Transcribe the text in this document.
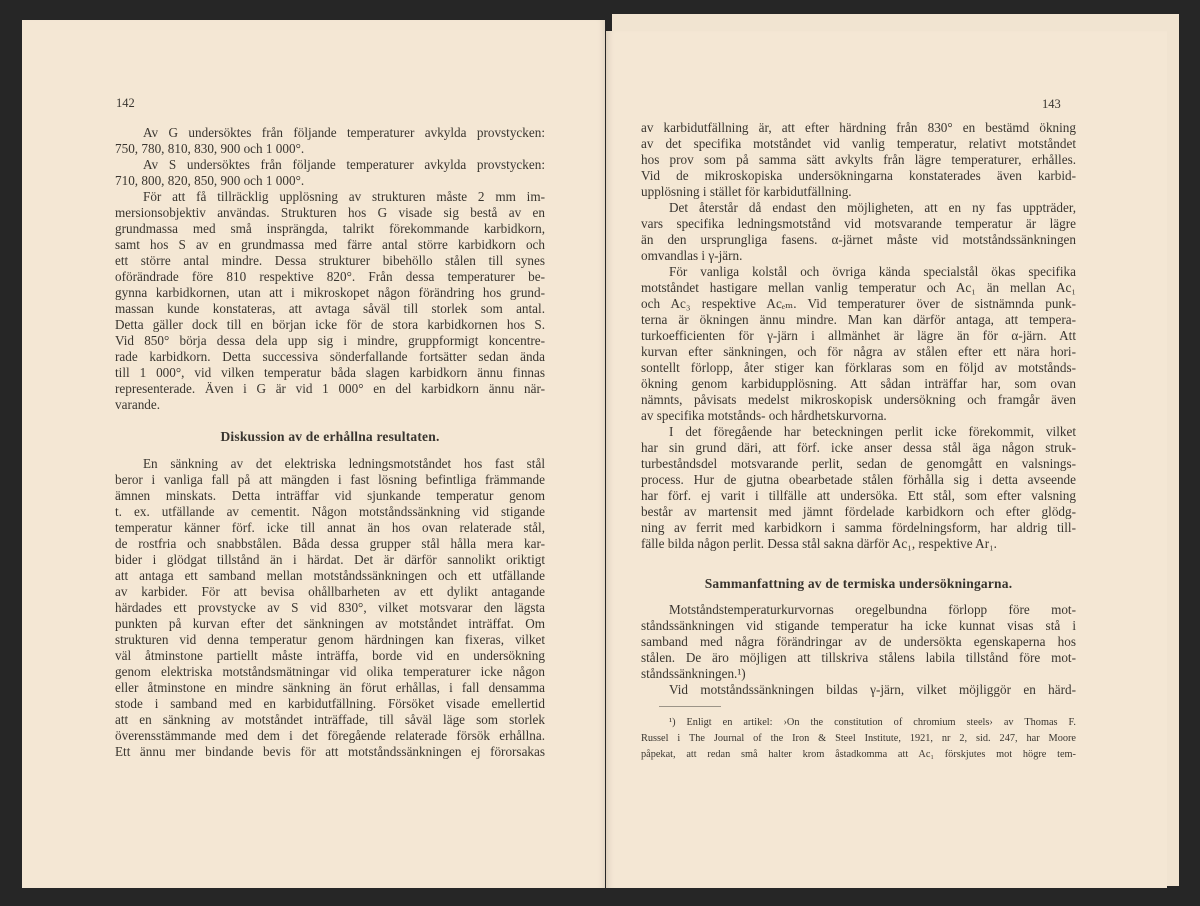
142
Av G undersöktes från följande temperaturer avkylda provstycken:
750, 780, 810, 830, 900 och 1 000°.
Av S undersöktes från följande temperaturer avkylda provstycken:
710, 800, 820, 850, 900 och 1 000°.
För att få tillräcklig upplösning av strukturen måste 2 mm im-
mersionsobjektiv användas. Strukturen hos G visade sig bestå av en
grundmassa med små insprängda, talrikt förekommande karbidkorn,
samt hos S av en grundmassa med färre antal större karbidkorn och
ett större antal mindre. Dessa strukturer bibehöllo stålen till synes
oförändrade före 810 respektive 820°. Från dessa temperaturer be-
gynna karbidkornen, utan att i mikroskopet någon förändring hos grund-
massan kunde konstateras, att avtaga såväl till storlek som antal.
Detta gäller dock till en början icke för de stora karbidkornen hos S.
Vid 850° börja dessa dela upp sig i mindre, gruppformigt koncentre-
rade karbidkorn. Detta successiva sönderfallande fortsätter sedan ända
till 1 000°, vid vilken temperatur båda slagen karbidkorn ännu finnas
representerade. Även i G är vid 1 000° en del karbidkorn ännu när-
varande.
Diskussion av de erhållna resultaten.
En sänkning av det elektriska ledningsmotståndet hos fast stål
beror i vanliga fall på att mängden i fast lösning befintliga främmande
ämnen minskats. Detta inträffar vid sjunkande temperatur genom
t. ex. utfällande av cementit. Någon motståndssänkning vid stigande
temperatur känner förf. icke till annat än hos ovan relaterade stål,
de rostfria och snabbstålen. Båda dessa grupper stål hålla mera kar-
bider i glödgat tillstånd än i härdat. Det är därför sannolikt oriktigt
att antaga ett samband mellan motståndssänkningen och ett utfällande
av karbider. För att bevisa ohållbarheten av ett dylikt antagande
härdades ett provstycke av S vid 830°, vilket motsvarar den lägsta
punkten på kurvan efter det sänkningen av motståndet inträffat. Om
strukturen vid denna temperatur genom härdningen kan fixeras, vilket
väl åtminstone partiellt måste inträffa, borde vid en undersökning
genom elektriska motståndsmätningar vid olika temperaturer icke någon
eller åtminstone en mindre sänkning än förut erhållas, i fall densamma
stode i samband med en karbidutfällning. Försöket visade emellertid
att en sänkning av motståndet inträffade, till såväl läge som storlek
överensstämmande med dem i det föregående relaterade försök erhållna.
Ett ännu mer bindande bevis för att motståndssänkningen ej förorsakas
143
av karbidutfällning är, att efter härdning från 830° en bestämd ökning
av det specifika motståndet vid vanlig temperatur, relativt motståndet
hos prov som på samma sätt avkylts från lägre temperaturer, erhålles.
Vid de mikroskopiska undersökningarna konstaterades även karbid-
upplösning i stället för karbidutfällning.
Det återstår då endast den möjligheten, att en ny fas uppträder,
vars specifika ledningsmotstånd vid motsvarande temperatur är lägre
än den ursprungliga fasens. α-järnet måste vid motståndssänkningen
omvandlas i γ-järn.
För vanliga kolstål och övriga kända specialstål ökas specifika
motståndet hastigare mellan vanlig temperatur och Ac₁ än mellan Ac₁
och Ac₃ respektive Acₑₘ. Vid temperaturer över de sistnämnda punk-
terna är ökningen ännu mindre. Man kan därför antaga, att tempera-
turkoefficienten för γ-järn i allmänhet är lägre än för α-järn. Att
kurvan efter sänkningen, och för några av stålen efter ett nära hori-
sontellt förlopp, åter stiger kan förklaras som en följd av motstånds-
ökning genom karbidupplösning. Att sådan inträffar har, som ovan
nämnts, påvisats medelst mikroskopisk undersökning och framgår även
av specifika motstånds- och hårdhetskurvorna.
I det föregående har beteckningen perlit icke förekommit, vilket
har sin grund däri, att förf. icke anser dessa stål äga någon struk-
turbeståndsdel motsvarande perlit, sedan de genomgått en valsnings-
process. Hur de gjutna obearbetade stålen förhålla sig i detta avseende
har förf. ej varit i tillfälle att undersöka. Ett stål, som efter valsning
består av martensit med jämnt fördelade karbidkorn och efter glödg-
ning av ferrit med karbidkorn i samma fördelningsform, har aldrig till-
fälle bilda någon perlit. Dessa stål sakna därför Ac₁, respektive Ar₁.
Sammanfattning av de termiska undersökningarna.
Motståndstemperaturkurvornas oregelbundna förlopp före mot-
ståndssänkningen vid stigande temperatur ha icke kunnat visas stå i
samband med några förändringar av de undersökta egenskaperna hos
stålen. De äro möjligen att tillskriva stålens labila tillstånd före mot-
ståndssänkningen.¹)
Vid motståndssänkningen bildas γ-järn, vilket möjliggör en härd-
¹) Enligt en artikel: ›On the constitution of chromium steels› av Thomas F.
Russel i The Journal of the Iron & Steel Institute, 1921, nr 2, sid. 247, har Moore
påpekat, att redan små halter krom åstadkomma att Ac₁ förskjutes mot högre tem-
